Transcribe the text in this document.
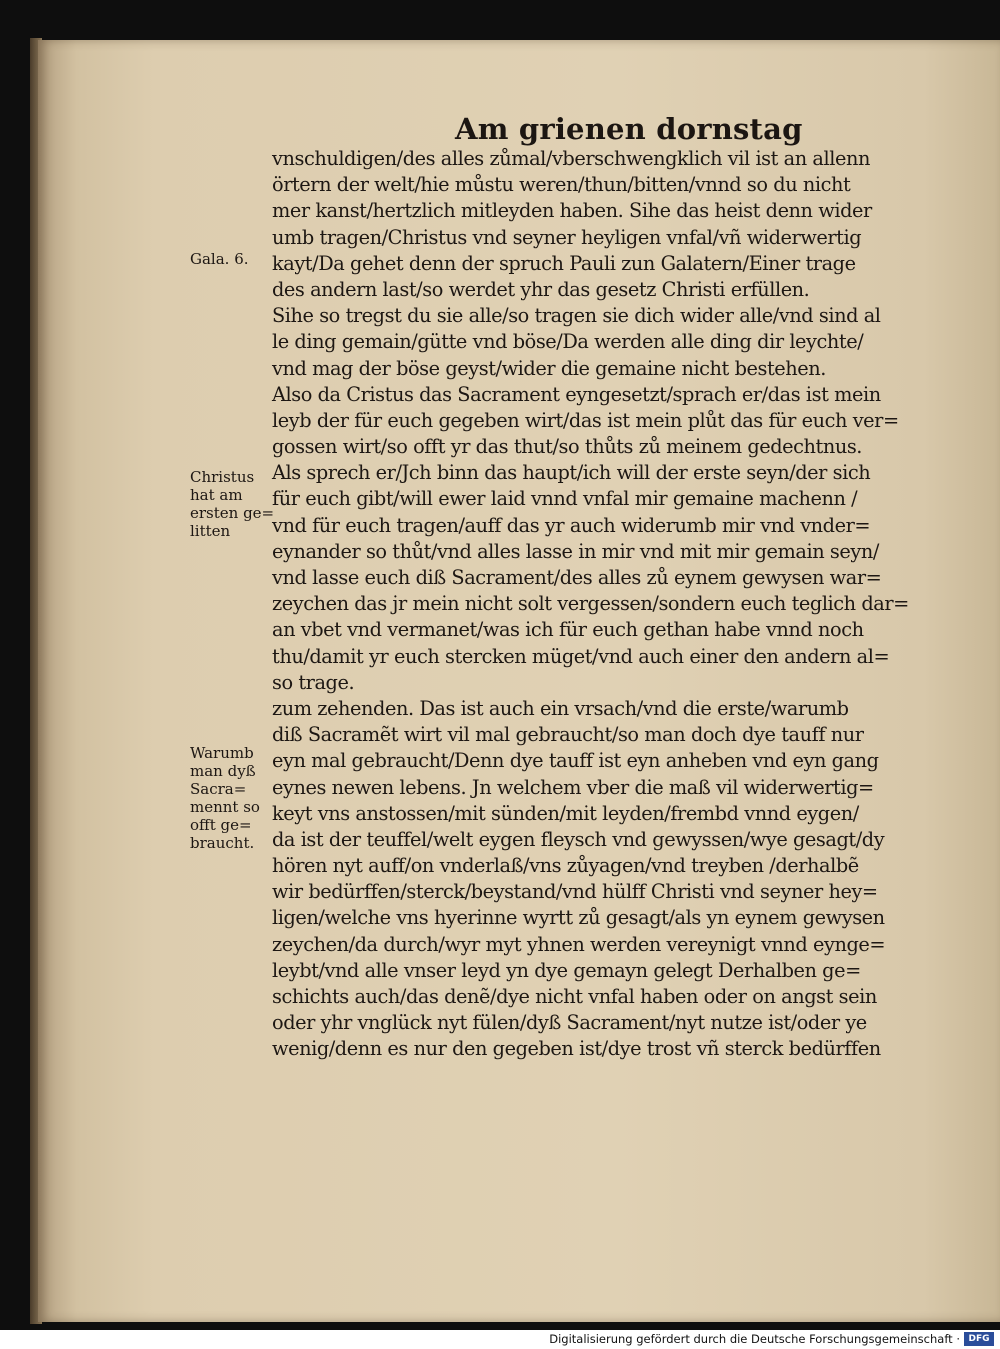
Am grienen dornstag
vnschuldigen/des alles zůmal/vberschwengklich vil ist an allenn
örtern der welt/hie můstu weren/thun/bitten/vnnd so du nicht
mer kanst/hertzlich mitleyden haben. Sihe das heist denn wider
umb tragen/Christus vnd seyner heyligen vnfal/vñ widerwertig
kayt/Da gehet denn der spruch Pauli zun Galatern/Einer trage
des andern last/so werdet yhr das gesetz Christi erfüllen.
Sihe so tregst du sie alle/so tragen sie dich wider alle/vnd sind al
le ding gemain/gütte vnd böse/Da werden alle ding dir leychte/
vnd mag der böse geyst/wider die gemaine nicht bestehen.
Also da Cristus das Sacrament eyngesetzt/sprach er/das ist mein
leyb der für euch gegeben wirt/das ist mein plůt das für euch ver=
gossen wirt/so offt yr das thut/so thůts zů meinem gedechtnus.
Als sprech er/Jch binn das haupt/ich will der erste seyn/der sich
für euch gibt/will ewer laid vnnd vnfal mir gemaine machenn /
vnd für euch tragen/auff das yr auch widerumb mir vnd vnder=
eynander so thůt/vnd alles lasse in mir vnd mit mir gemain seyn/
vnd lasse euch diß Sacrament/des alles zů eynem gewysen war=
zeychen das jr mein nicht solt vergessen/sondern euch teglich dar=
an vbet vnd vermanet/was ich für euch gethan habe vnnd noch
thu/damit yr euch stercken müget/vnd auch einer den andern al=
so trage.
zum zehenden. Das ist auch ein vrsach/vnd die erste/warumb
diß Sacramẽt wirt vil mal gebraucht/so man doch dye tauff nur
eyn mal gebraucht/Denn dye tauff ist eyn anheben vnd eyn gang
eynes newen lebens. Jn welchem vber die maß vil widerwertig=
keyt vns anstossen/mit sünden/mit leyden/frembd vnnd eygen/
da ist der teuffel/welt eygen fleysch vnd gewyssen/wye gesagt/dy
hören nyt auff/on vnderlaß/vns zůyagen/vnd treyben /derhalbẽ
wir bedürffen/sterck/beystand/vnd hülff Christi vnd seyner hey=
ligen/welche vns hyerinne wyrtt zů gesagt/als yn eynem gewysen
zeychen/da durch/wyr myt yhnen werden vereynigt vnnd eynge=
leybt/vnd alle vnser leyd yn dye gemayn gelegt Derhalben ge=
schichts auch/das denẽ/dye nicht vnfal haben oder on angst sein
oder yhr vnglück nyt fülen/dyß Sacrament/nyt nutze ist/oder ye
wenig/denn es nur den gegeben ist/dye trost vñ sterck bedürffen
Gala. 6.
Christus
hat am
ersten ge=
litten
Warumb
man dyß
Sacra=
mennt so
offt ge=
braucht.
Digitalisierung gefördert durch die Deutsche Forschungsgemeinschaft · DFG
